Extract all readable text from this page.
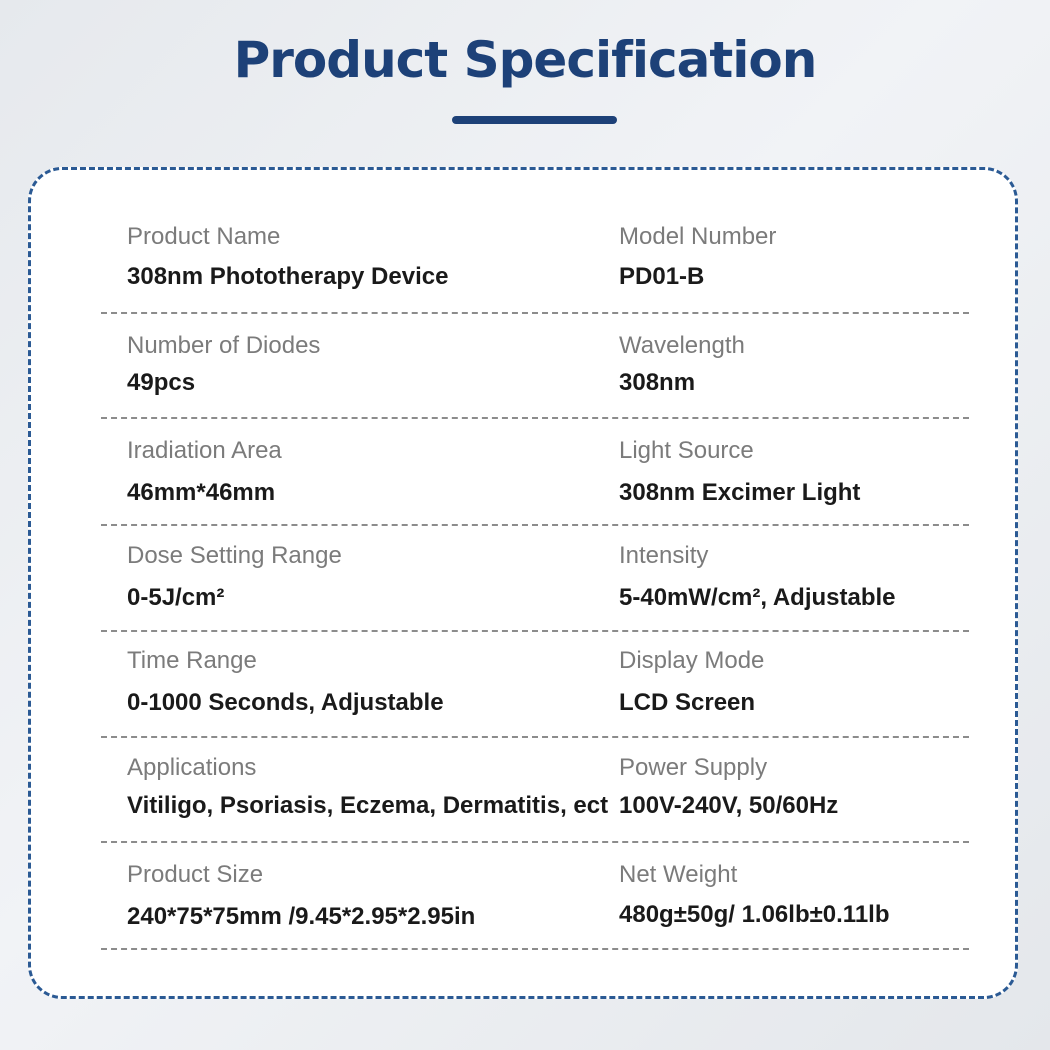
Product Specification
Product Name
308nm Phototherapy Device
Model Number
PD01-B
Number of Diodes
49pcs
Wavelength
308nm
Iradiation Area
46mm*46mm
Light Source
308nm Excimer Light
Dose Setting Range
0-5J/cm²
Intensity
5-40mW/cm², Adjustable
Time Range
0-1000 Seconds, Adjustable
Display Mode
LCD Screen
Applications
Vitiligo, Psoriasis, Eczema, Dermatitis, ect
Power Supply
100V-240V, 50/60Hz
Product Size
240*75*75mm /9.45*2.95*2.95in
Net Weight
480g±50g/ 1.06lb±0.11lb
